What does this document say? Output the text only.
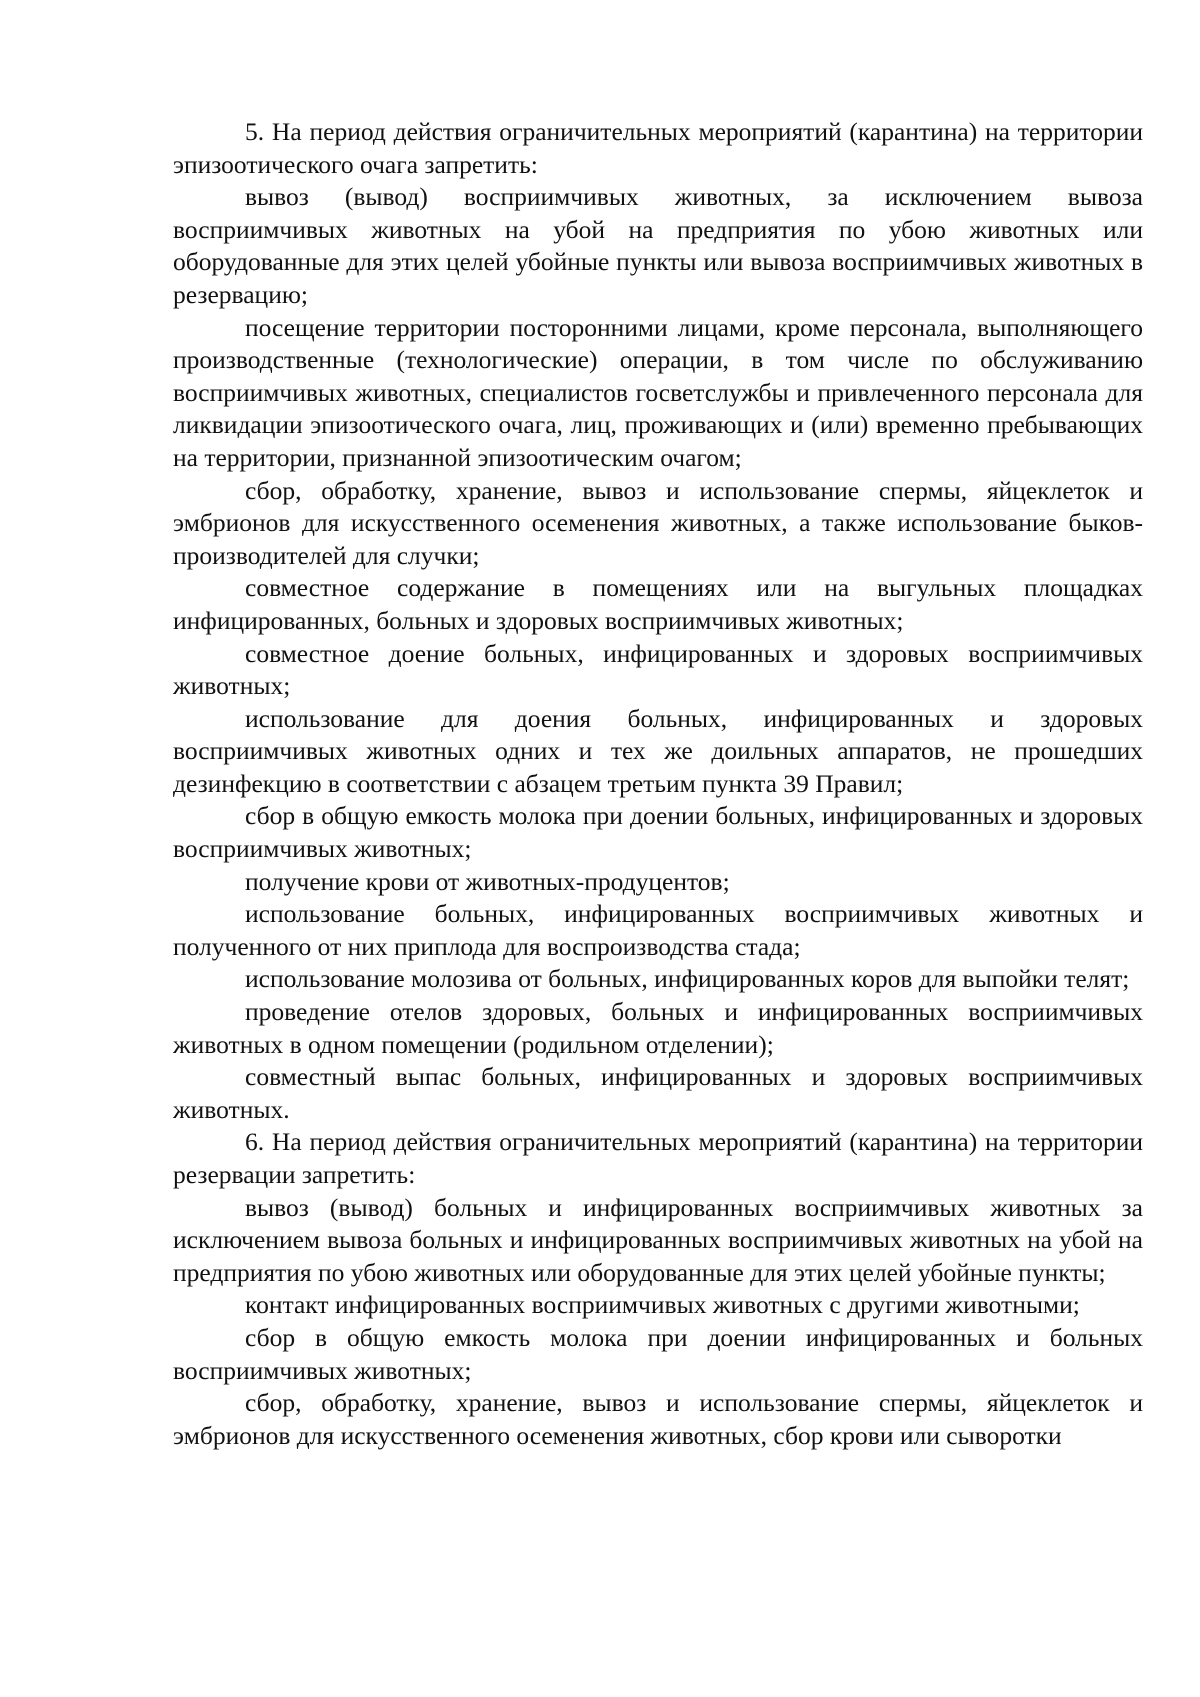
5. На период действия ограничительных мероприятий (карантина) на территории эпизоотического очага запретить:

вывоз (вывод) восприимчивых животных, за исключением вывоза восприимчивых животных на убой на предприятия по убою животных или оборудованные для этих целей убойные пункты или вывоза восприимчивых животных в резервацию;

посещение территории посторонними лицами, кроме персонала, выполняющего производственные (технологические) операции, в том числе по обслуживанию восприимчивых животных, специалистов госветслужбы и привлеченного персонала для ликвидации эпизоотического очага, лиц, проживающих и (или) временно пребывающих на территории, признанной эпизоотическим очагом;

сбор, обработку, хранение, вывоз и использование спермы, яйцеклеток и эмбрионов для искусственного осеменения животных, а также использование быков-производителей для случки;

совместное содержание в помещениях или на выгульных площадках инфицированных, больных и здоровых восприимчивых животных;

совместное доение больных, инфицированных и здоровых восприимчивых животных;

использование для доения больных, инфицированных и здоровых восприимчивых животных одних и тех же доильных аппаратов, не прошедших дезинфекцию в соответствии с абзацем третьим пункта 39 Правил;

сбор в общую емкость молока при доении больных, инфицированных и здоровых восприимчивых животных;

получение крови от животных-продуцентов;

использование больных, инфицированных восприимчивых животных и полученного от них приплода для воспроизводства стада;

использование молозива от больных, инфицированных коров для выпойки телят;

проведение отелов здоровых, больных и инфицированных восприимчивых животных в одном помещении (родильном отделении);

совместный выпас больных, инфицированных и здоровых восприимчивых животных.

6. На период действия ограничительных мероприятий (карантина) на территории резервации запретить:

вывоз (вывод) больных и инфицированных восприимчивых животных за исключением вывоза больных и инфицированных восприимчивых животных на убой на предприятия по убою животных или оборудованные для этих целей убойные пункты;

контакт инфицированных восприимчивых животных с другими животными;

сбор в общую емкость молока при доении инфицированных и больных восприимчивых животных;

сбор, обработку, хранение, вывоз и использование спермы, яйцеклеток и эмбрионов для искусственного осеменения животных, сбор крови или сыворотки
